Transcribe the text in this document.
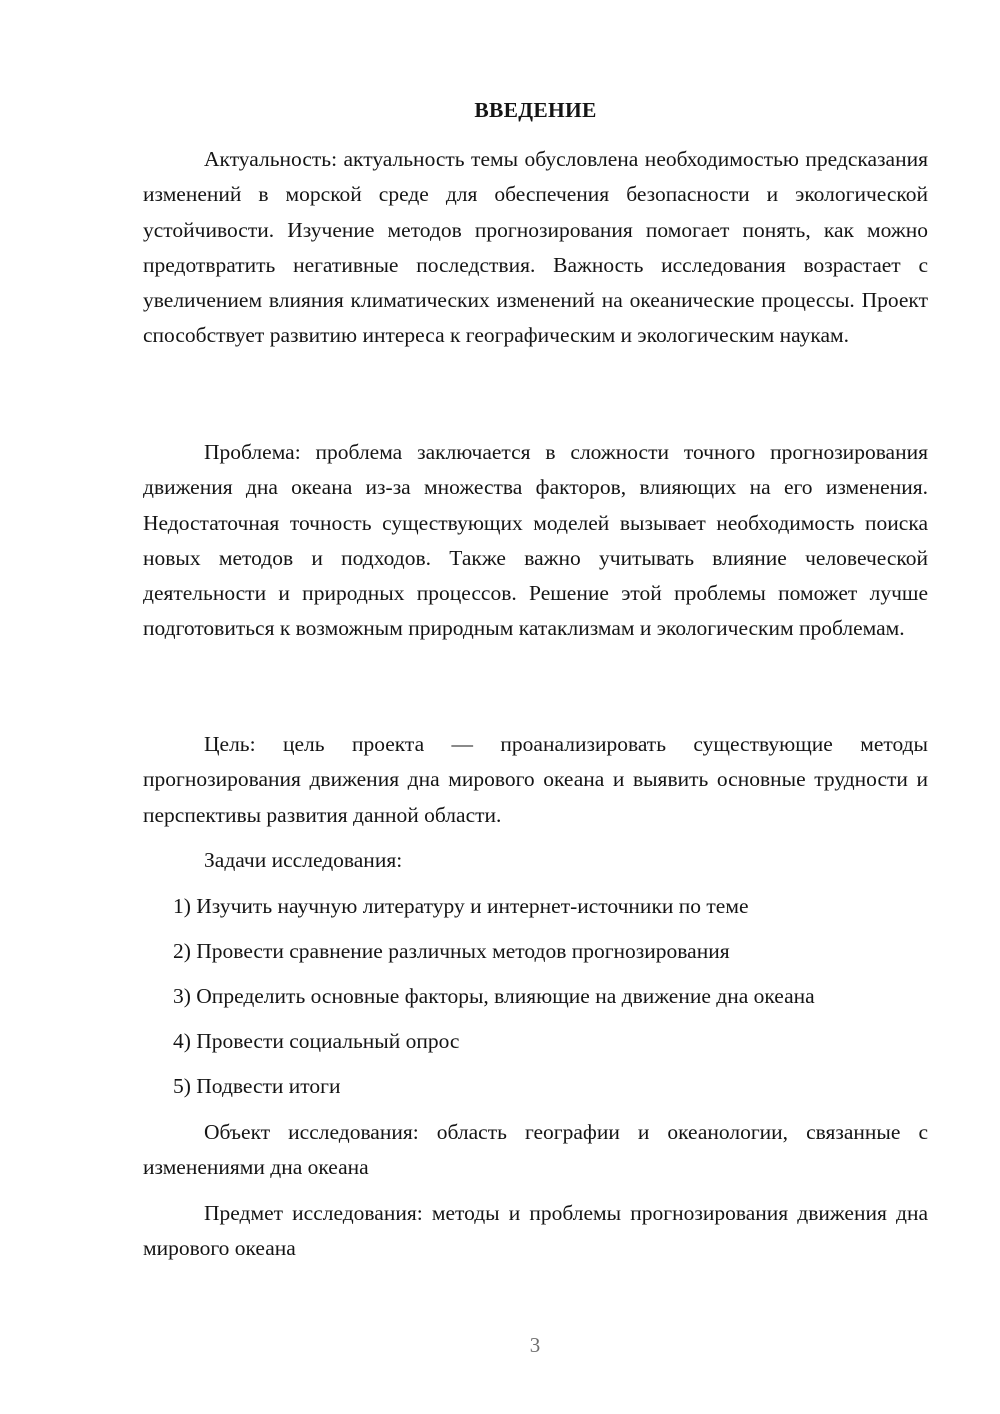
ВВЕДЕНИЕ

Актуальность: актуальность темы обусловлена необходимостью предсказания изменений в морской среде для обеспечения безопасности и экологической устойчивости. Изучение методов прогнозирования помогает понять, как можно предотвратить негативные последствия. Важность исследования возрастает с увеличением влияния климатических изменений на океанические процессы. Проект способствует развитию интереса к географическим и экологическим наукам.

Проблема: проблема заключается в сложности точного прогнозирования движения дна океана из-за множества факторов, влияющих на его изменения. Недостаточная точность существующих моделей вызывает необходимость поиска новых методов и подходов. Также важно учитывать влияние человеческой деятельности и природных процессов. Решение этой проблемы поможет лучше подготовиться к возможным природным катаклизмам и экологическим проблемам.

Цель: цель проекта — проанализировать существующие методы прогнозирования движения дна мирового океана и выявить основные трудности и перспективы развития данной области.

Задачи исследования:

1) Изучить научную литературу и интернет-источники по теме

2) Провести сравнение различных методов прогнозирования

3) Определить основные факторы, влияющие на движение дна океана

4) Провести социальный опрос

5) Подвести итоги

Объект исследования: область географии и океанологии, связанные с изменениями дна океана

Предмет исследования: методы и проблемы прогнозирования движения дна мирового океана

3
